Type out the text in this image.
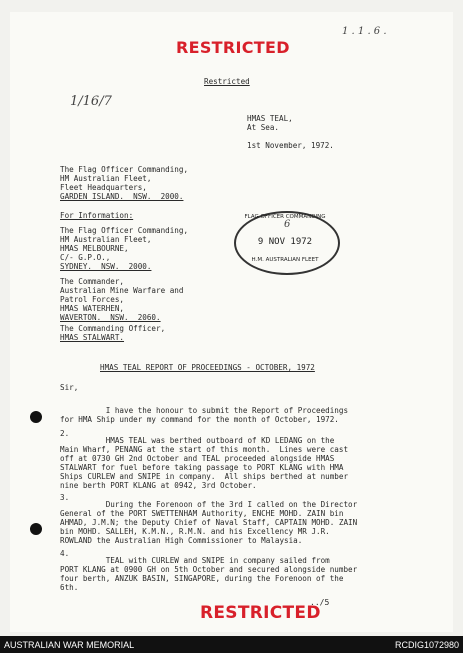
RESTRICTED
1 . 1 . 6 .
1/16/7
Restricted
HMAS TEAL,
At Sea.
1st November, 1972.
The Flag Officer Commanding,
HM Australian Fleet,
Fleet Headquarters,
GARDEN ISLAND.  NSW.  2000.
For Information:
The Flag Officer Commanding,
HM Australian Fleet,
HMAS MELBOURNE,
C/- G.P.O.,
SYDNEY.  NSW.  2000.
The Commander,
Australian Mine Warfare and
Patrol Forces,
HMAS WATERHEN,
WAVERTON.  NSW.  2060.
The Commanding Officer,
HMAS STALWART.
FLAG OFFICER COMMANDING
9 NOV 1972
H.M. AUSTRALIAN FLEET
6
HMAS TEAL REPORT OF PROCEEDINGS - OCTOBER, 1972
Sir,
I have the honour to submit the Report of Proceedings
for HMA Ship under my command for the month of October, 1972.
2.
HMAS TEAL was berthed outboard of KD LEDANG on the
Main Wharf, PENANG at the start of this month.  Lines were cast
off at 0730 GH 2nd October and TEAL proceeded alongside HMAS
STALWART for fuel before taking passage to PORT KLANG with HMA
Ships CURLEW and SNIPE in company.  All ships berthed at number
nine berth PORT KLANG at 0942, 3rd October.
3.
During the Forenoon of the 3rd I called on the Director
General of the PORT SWETTENHAM Authority, ENCHE MOHD. ZAIN bin
AHMAD, J.M.N; the Deputy Chief of Naval Staff, CAPTAIN MOHD. ZAIN
bin MOHD. SALLEH, K.M.N., R.M.N. and his Excellency MR J.R.
ROWLAND the Australian High Commissioner to Malaysia.
4.
TEAL with CURLEW and SNIPE in company sailed from
PORT KLANG at 0900 GH on 5th October and secured alongside number
four berth, ANZUK BASIN, SINGAPORE, during the Forenoon of the
6th.
RESTRICTED
../5
AUSTRALIAN WAR MEMORIAL	RCDIG1072980
